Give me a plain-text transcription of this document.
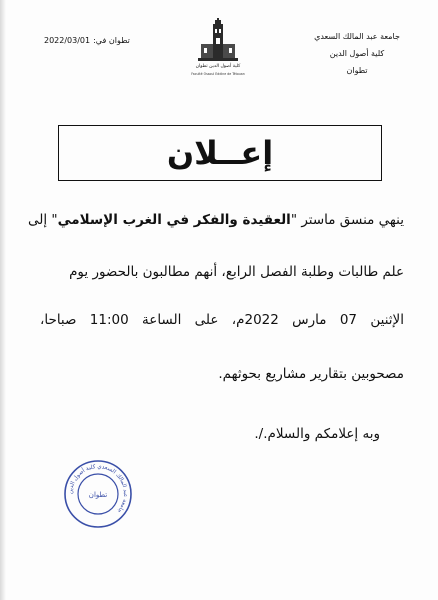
جامعة عبد المالك السعدي
كلية أصول الدين
تطوان
كلية أصول الدين تطوان
Faculté Ossoul Eddine de Tétouan
تطوان في:2022/03/01
إعــلان
ينهي منسق ماستر "العقيدة والفكر في الغرب الإسلامي" إلى
علم طالبات وطلبة الفصل الرابع، أنهم مطالبون بالحضور يوم
الإثنين 07 مارس 2022م، على الساعة 11:00 صباحا،
مصحوبين بتقارير مشاريع بحوثهم.
وبه إعلامكم والسلام./.
جامعة عبد المالك السعدي كلية أصول الدين
تطوان
